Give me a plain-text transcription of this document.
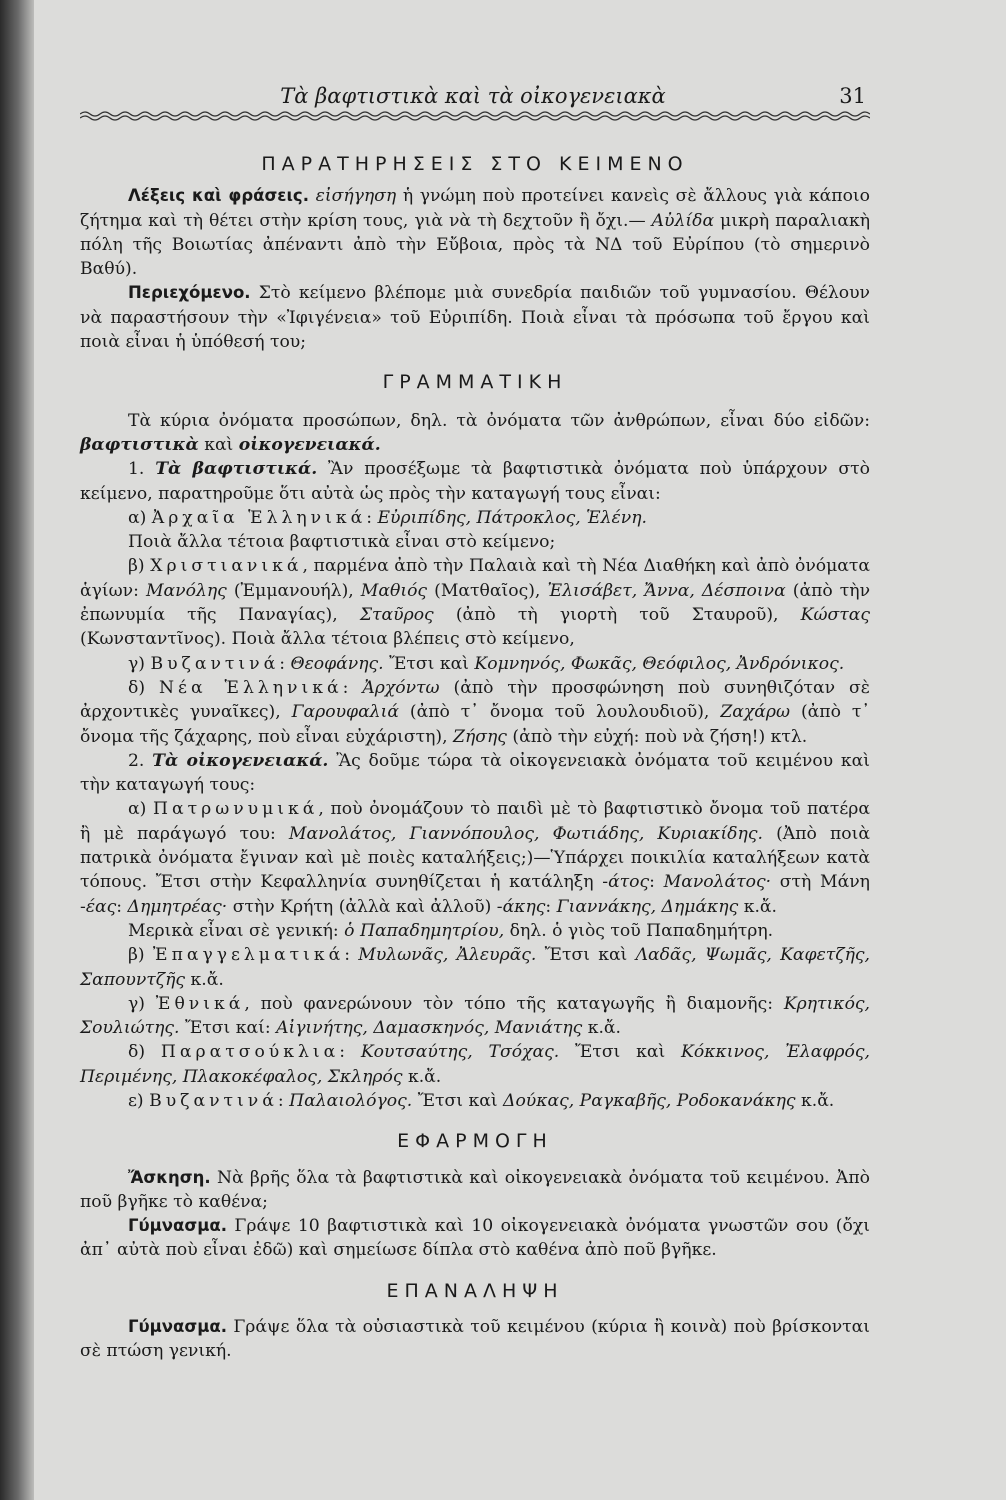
Τὰ βαφτιστικὰ καὶ τὰ οἰκογενειακὰ	31
ΠΑΡΑΤΗΡΗΣΕΙΣ ΣΤΟ ΚΕΙΜΕΝΟ

Λέξεις καὶ φράσεις. εἰσήγηση ἡ γνώμη ποὺ προτείνει κανεὶς σὲ ἄλλους γιὰ κάποιο ζήτημα καὶ τὴ θέτει στὴν κρίση τους, γιὰ νὰ τὴ δεχτοῦν ἢ ὄχι.— Αὐλίδα μικρὴ παραλιακὴ πόλη τῆς Βοιωτίας ἀπέναντι ἀπὸ τὴν Εὔβοια, πρὸς τὰ ΝΔ τοῦ Εὐρίπου (τὸ σημερινὸ Βαθύ).

Περιεχόμενο. Στὸ κείμενο βλέπομε μιὰ συνεδρία παιδιῶν τοῦ γυμνασίου. Θέλουν νὰ παραστήσουν τὴν «Ἰφιγένεια» τοῦ Εὐριπίδη. Ποιὰ εἶναι τὰ πρόσωπα τοῦ ἔργου καὶ ποιὰ εἶναι ἡ ὑπόθεσή του;

ΓΡΑΜΜΑΤΙΚΗ

Τὰ κύρια ὀνόματα προσώπων, δηλ. τὰ ὀνόματα τῶν ἀνθρώπων, εἶναι δύο εἰδῶν: βαφτιστικὰ καὶ οἰκογενειακά.

1. Τὰ βαφτιστικά. Ἂν προσέξωμε τὰ βαφτιστικὰ ὀνόματα ποὺ ὑπάρχουν στὸ κείμενο, παρατηροῦμε ὅτι αὐτὰ ὡς πρὸς τὴν καταγωγή τους εἶναι:

α) Ἀρχαῖα Ἑλληνικά: Εὐριπίδης, Πάτροκλος, Ἑλένη.

Ποιὰ ἄλλα τέτοια βαφτιστικὰ εἶναι στὸ κείμενο;

β) Χριστιανικά, παρμένα ἀπὸ τὴν Παλαιὰ καὶ τὴ Νέα Διαθήκη καὶ ἀπὸ ὀνόματα ἁγίων: Μανόλης (Ἐμμανουήλ), Μαθιός (Ματθαῖος), Ἐλισάβετ, Ἄννα, Δέσποινα (ἀπὸ τὴν ἐπωνυμία τῆς Παναγίας), Σταῦρος (ἀπὸ τὴ γιορτὴ τοῦ Σταυροῦ), Κώστας (Κωνσταντῖνος). Ποιὰ ἄλλα τέτοια βλέπεις στὸ κείμενο,

γ) Βυζαντινά: Θεοφάνης. Ἔτσι καὶ Κομνηνός, Φωκᾶς, Θεόφιλος, Ἀνδρόνικος.

δ) Νέα Ἑλληνικά: Ἀρχόντω (ἀπὸ τὴν προσφώνηση ποὺ συνηθιζόταν σὲ ἀρχοντικὲς γυναῖκες), Γαρουφαλιά (ἀπὸ τ᾽ ὄνομα τοῦ λουλουδιοῦ), Ζαχάρω (ἀπὸ τ᾽ ὄνομα τῆς ζάχαρης, ποὺ εἶναι εὐχάριστη), Ζήσης (ἀπὸ τὴν εὐχή: ποὺ νὰ ζήση!) κτλ.

2. Τὰ οἰκογενειακά. Ἂς δοῦμε τώρα τὰ οἰκογενειακὰ ὀνόματα τοῦ κειμένου καὶ τὴν καταγωγή τους:

α) Πατρωνυμικά, ποὺ ὀνομάζουν τὸ παιδὶ μὲ τὸ βαφτιστικὸ ὄνομα τοῦ πατέρα ἢ μὲ παράγωγό του: Μανολάτος, Γιαννόπουλος, Φωτιάδης, Κυριακίδης. (Ἀπὸ ποιὰ πατρικὰ ὀνόματα ἔγιναν καὶ μὲ ποιὲς καταλήξεις;)—Ὑπάρχει ποικιλία καταλήξεων κατὰ τόπους. Ἔτσι στὴν Κεφαλληνία συνηθίζεται ἡ κατάληξη -άτος: Μανολάτος· στὴ Μάνη -έας: Δημητρέας· στὴν Κρήτη (ἀλλὰ καὶ ἀλλοῦ) -άκης: Γιαννάκης, Δημάκης κ.ἄ.

Μερικὰ εἶναι σὲ γενική: ὁ Παπαδημητρίου, δηλ. ὁ γιὸς τοῦ Παπαδημήτρη.

β) Ἐπαγγελματικά: Μυλωνᾶς, Ἀλευρᾶς. Ἔτσι καὶ Λαδᾶς, Ψωμᾶς, Καφετζῆς, Σαπουντζῆς κ.ἄ.

γ) Ἐθνικά, ποὺ φανερώνουν τὸν τόπο τῆς καταγωγῆς ἢ διαμονῆς: Κρητικός, Σουλιώτης. Ἔτσι καί: Αἰγινήτης, Δαμασκηνός, Μανιάτης κ.ἄ.

δ) Παρατσούκλια: Κουτσαύτης, Τσόχας. Ἔτσι καὶ Κόκκινος, Ἐλαφρός, Περιμένης, Πλακοκέφαλος, Σκληρός κ.ἄ.

ε) Βυζαντινά: Παλαιολόγος. Ἔτσι καὶ Δούκας, Ραγκαβῆς, Ροδοκανάκης κ.ἄ.

ΕΦΑΡΜΟΓΗ

Ἄσκηση. Νὰ βρῆς ὅλα τὰ βαφτιστικὰ καὶ οἰκογενειακὰ ὀνόματα τοῦ κειμένου. Ἀπὸ ποῦ βγῆκε τὸ καθένα;

Γύμνασμα. Γράψε 10 βαφτιστικὰ καὶ 10 οἰκογενειακὰ ὀνόματα γνωστῶν σου (ὄχι ἀπ᾽ αὐτὰ ποὺ εἶναι ἐδῶ) καὶ σημείωσε δίπλα στὸ καθένα ἀπὸ ποῦ βγῆκε.

ΕΠΑΝΑΛΗΨΗ

Γύμνασμα. Γράψε ὅλα τὰ οὐσιαστικὰ τοῦ κειμένου (κύρια ἢ κοινὰ) ποὺ βρίσκονται σὲ πτώση γενική.
